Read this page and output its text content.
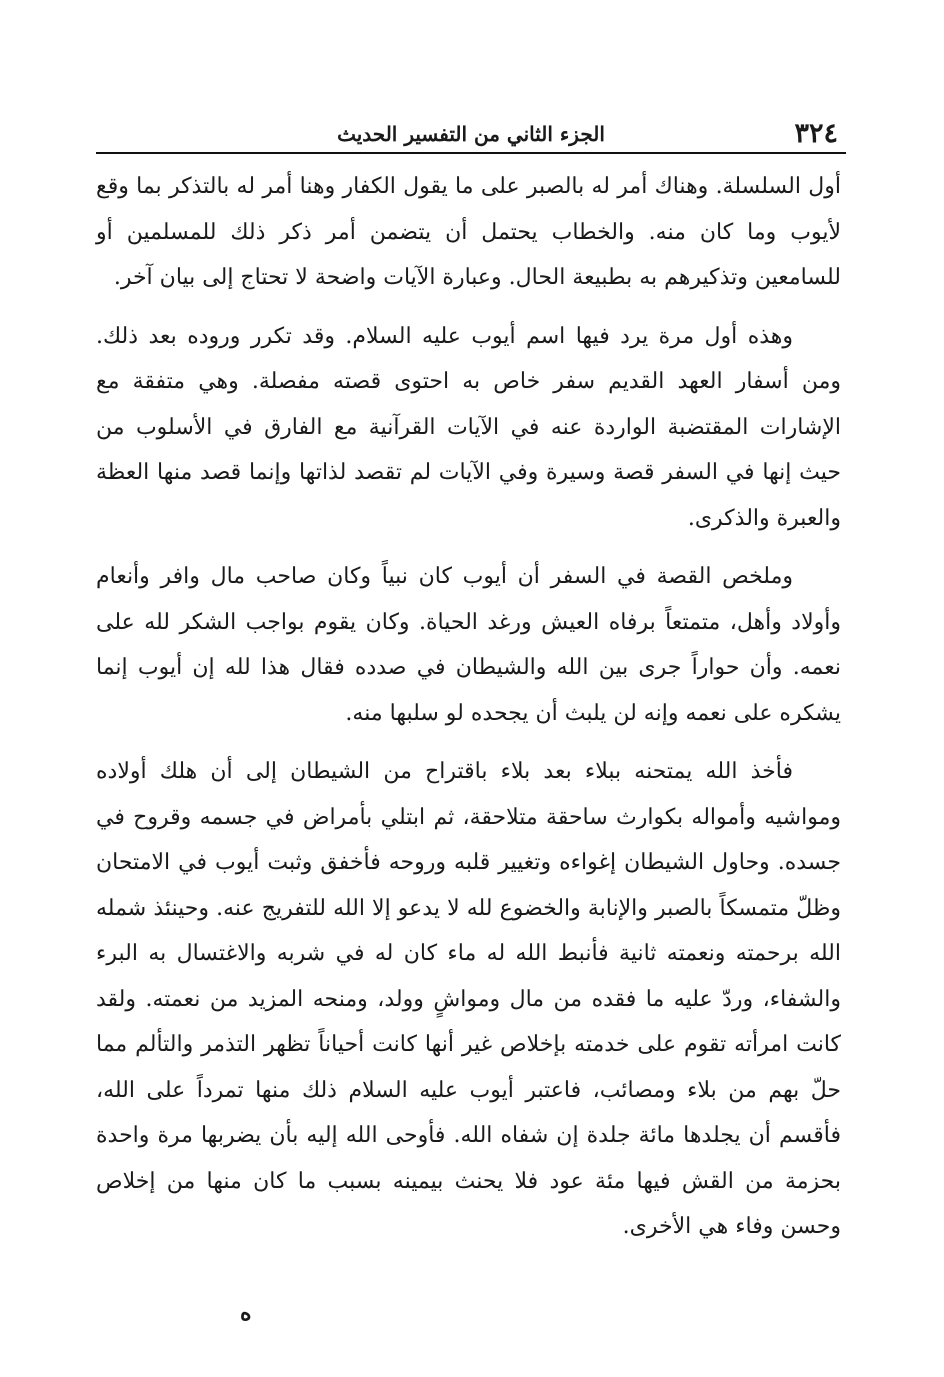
٣٢٤
الجزء الثاني من التفسير الحديث

أول السلسلة. وهناك أمر له بالصبر على ما يقول الكفار وهنا أمر له بالتذكر بما وقع لأيوب وما كان منه. والخطاب يحتمل أن يتضمن أمر ذكر ذلك للمسلمين أو للسامعين وتذكيرهم به بطبيعة الحال. وعبارة الآيات واضحة لا تحتاج إلى بيان آخر.

وهذه أول مرة يرد فيها اسم أيوب عليه السلام. وقد تكرر وروده بعد ذلك. ومن أسفار العهد القديم سفر خاص به احتوى قصته مفصلة. وهي متفقة مع الإشارات المقتضبة الواردة عنه في الآيات القرآنية مع الفارق في الأسلوب من حيث إنها في السفر قصة وسيرة وفي الآيات لم تقصد لذاتها وإنما قصد منها العظة والعبرة والذكرى.

وملخص القصة في السفر أن أيوب كان نبياً وكان صاحب مال وافر وأنعام وأولاد وأهل، متمتعاً برفاه العيش ورغد الحياة. وكان يقوم بواجب الشكر لله على نعمه. وأن حواراً جرى بين الله والشيطان في صدده فقال هذا لله إن أيوب إنما يشكره على نعمه وإنه لن يلبث أن يجحده لو سلبها منه.

فأخذ الله يمتحنه ببلاء بعد بلاء باقتراح من الشيطان إلى أن هلك أولاده ومواشيه وأمواله بكوارث ساحقة متلاحقة، ثم ابتلي بأمراض في جسمه وقروح في جسده. وحاول الشيطان إغواءه وتغيير قلبه وروحه فأخفق وثبت أيوب في الامتحان وظلّ متمسكاً بالصبر والإنابة والخضوع لله لا يدعو إلا الله للتفريج عنه. وحينئذ شمله الله برحمته ونعمته ثانية فأنبط الله له ماء كان له في شربه والاغتسال به البرء والشفاء، وردّ عليه ما فقده من مال ومواشٍ وولد، ومنحه المزيد من نعمته. ولقد كانت امرأته تقوم على خدمته بإخلاص غير أنها كانت أحياناً تظهر التذمر والتألم مما حلّ بهم من بلاء ومصائب، فاعتبر أيوب عليه السلام ذلك منها تمرداً على الله، فأقسم أن يجلدها مائة جلدة إن شفاه الله. فأوحى الله إليه بأن يضربها مرة واحدة بحزمة من القش فيها مئة عود فلا يحنث بيمينه بسبب ما كان منها من إخلاص وحسن وفاء هي الأخرى.

ه
